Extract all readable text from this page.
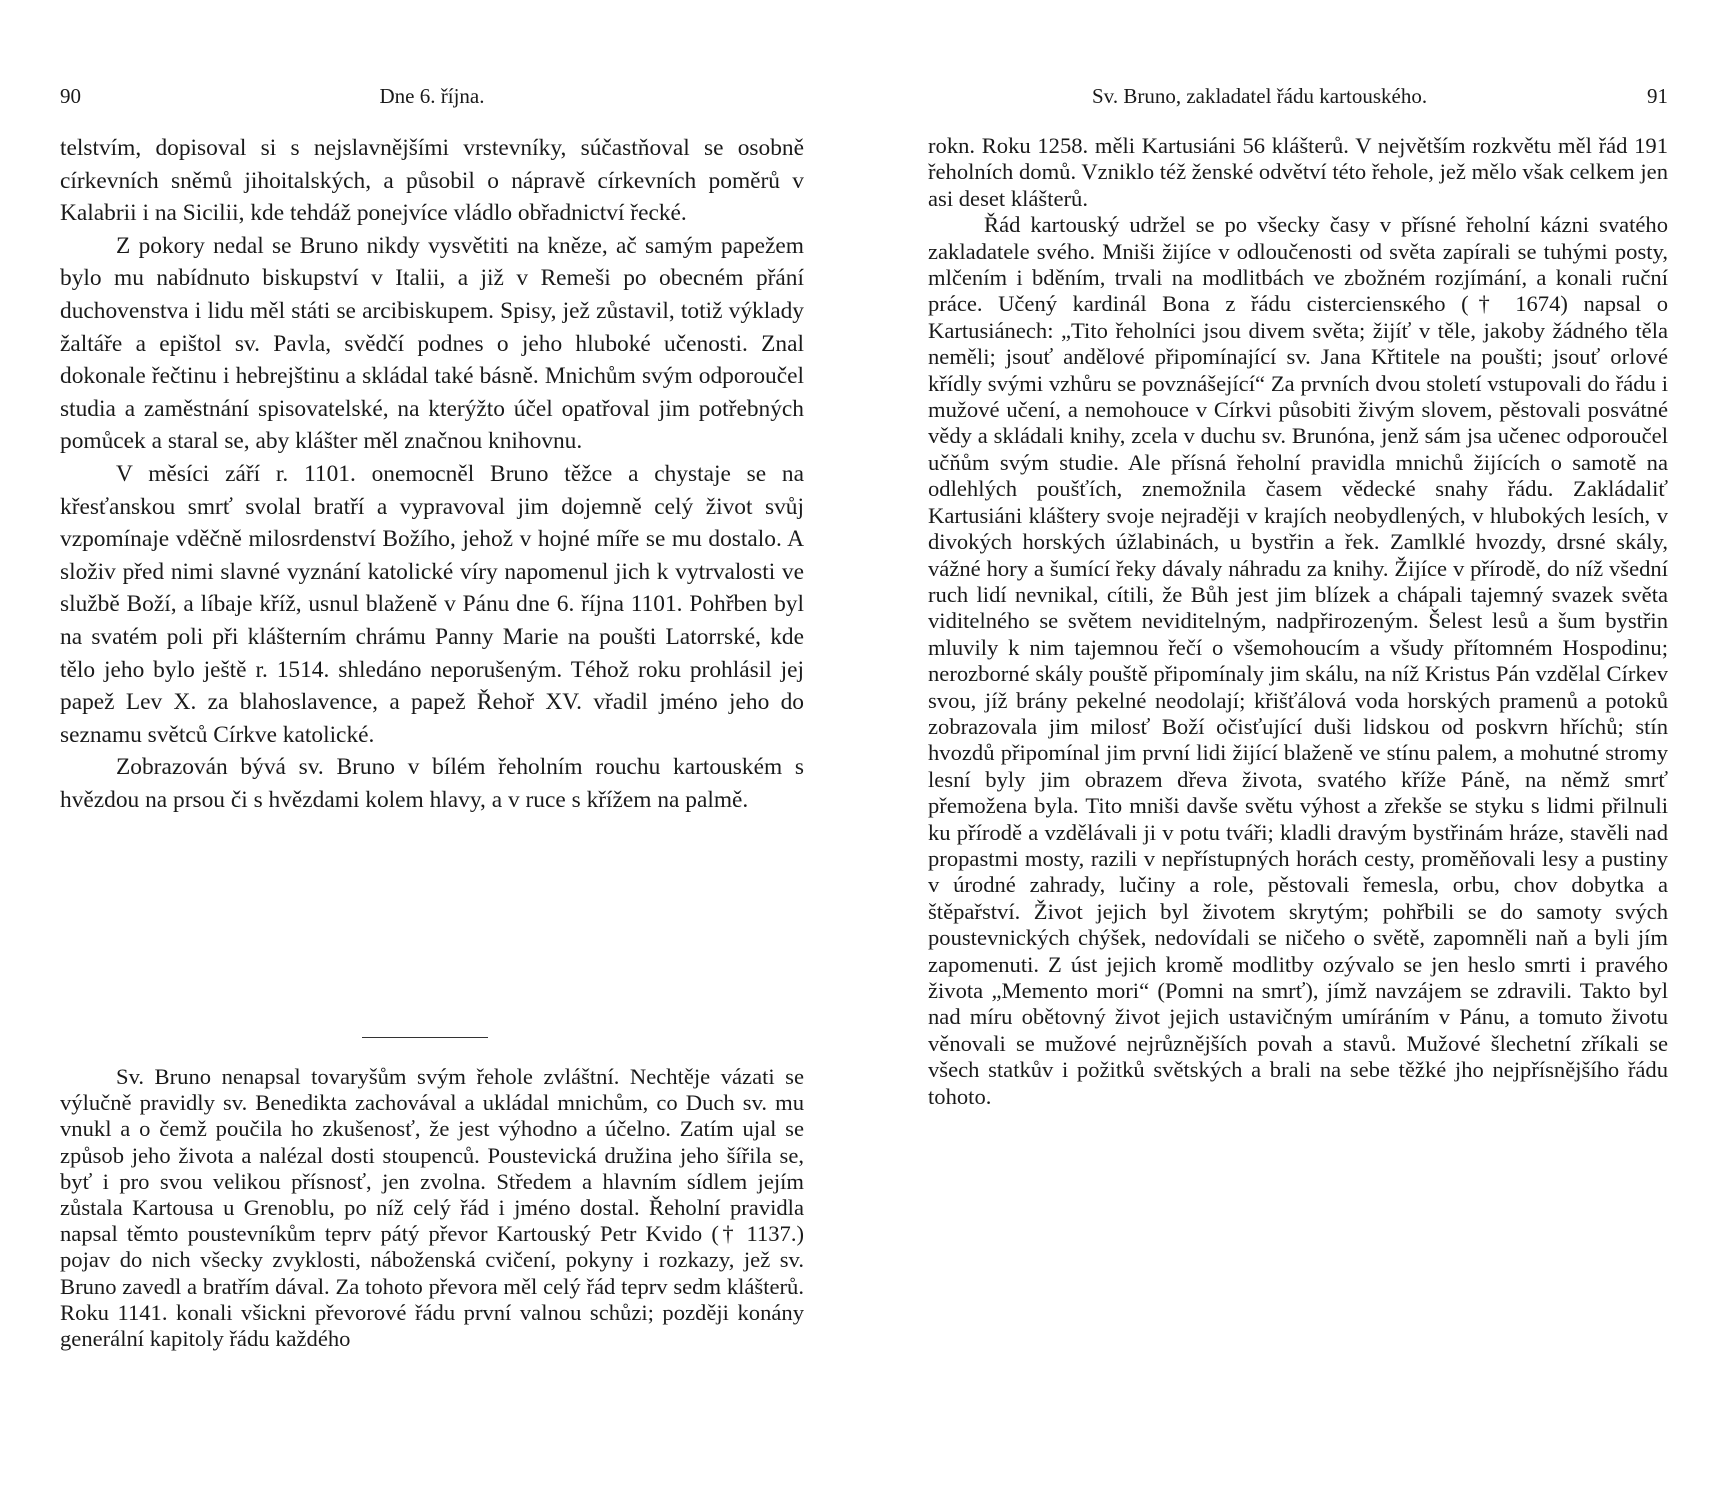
90	Dne 6. října.

telstvím, dopisoval si s nejslavnějšími vrstevníky, súčastňoval se osobně církevních sněmů jihoitalských, a působil o nápravě církevních poměrů v Kalabrii i na Sicilii, kde tehdáž ponejvíce vládlo obřadnictví řecké.

Z pokory nedal se Bruno nikdy vysvětiti na kněze, ač samým papežem bylo mu nabídnuto biskupství v Italii, a již v Remeši po obecném přání duchovenstva i lidu měl státi se arcibiskupem. Spisy, jež zůstavil, totiž výklady žaltáře a epištol sv. Pavla, svědčí podnes o jeho hluboké učenosti. Znal dokonale řečtinu i hebrejštinu a skládal také básně. Mnichům svým odporoučel studia a zaměstnání spisovatelské, na kterýžto účel opatřoval jim potřebných pomůcek a staral se, aby klášter měl značnou knihovnu.

V měsíci září r. 1101. onemocněl Bruno těžce a chystaje se na křesťanskou smrť svolal bratří a vypravoval jim dojemně celý život svůj vzpomínaje vděčně milosrdenství Božího, jehož v hojné míře se mu dostalo. A složiv před nimi slavné vyznání katolické víry napomenul jich k vytrvalosti ve službě Boží, a líbaje kříž, usnul blaženě v Pánu dne 6. října 1101. Pohřben byl na svatém poli při klášterním chrámu Panny Marie na poušti Latorrské, kde tělo jeho bylo ještě r. 1514. shledáno neporušeným. Téhož roku prohlásil jej papež Lev X. za blahoslavence, a papež Řehoř XV. vřadil jméno jeho do seznamu světců Církve katolické.

Zobrazován bývá sv. Bruno v bílém řeholním rouchu kartouském s hvězdou na prsou či s hvězdami kolem hlavy, a v ruce s křížem na palmě.

Sv. Bruno nenapsal tovaryšům svým řehole zvláštní. Nechtěje vázati se výlučně pravidly sv. Benedikta zachovával a ukládal mnichům, co Duch sv. mu vnukl a o čemž poučila ho zkušenosť, že jest výhodno a účelno. Zatím ujal se způsob jeho života a nalézal dosti stoupenců. Poustevická družina jeho šířila se, byť i pro svou velikou přísnosť, jen zvolna. Středem a hlavním sídlem jejím zůstala Kartousa u Grenoblu, po níž celý řád i jméno dostal. Řeholní pravidla napsal těmto poustevníkům teprv pátý převor Kartouský Petr Kvido († 1137.) pojav do nich všecky zvyklosti, náboženská cvičení, pokyny i rozkazy, jež sv. Bruno zavedl a bratřím dával. Za tohoto převora měl celý řád teprv sedm klášterů. Roku 1141. konali všickni převorové řádu první valnou schůzi; později konány generální kapitoly řádu každého

Sv. Bruno, zakladatel řádu kartouského.	91

rokn. Roku 1258. měli Kartusiáni 56 klášterů. V největším rozkvětu měl řád 191 řeholních domů. Vzniklo též ženské odvětví této řehole, jež mělo však celkem jen asi deset klášterů.

Řád kartouský udržel se po všecky časy v přísné řeholní kázni svatého zakladatele svého. Mniši žijíce v odloučenosti od světa zapírali se tuhými posty, mlčením i bděním, trvali na modlitbách ve zbožném rozjímání, a konali ruční práce. Učený kardinál Bona z řádu cisterciensкého († 1674) napsal o Kartusiánech: „Tito řeholníci jsou divem světa; žijíť v těle, jakoby žádného těla neměli; jsouť andělové připomínající sv. Jana Křtitele na poušti; jsouť orlové křídly svými vzhůru se povznášející“ Za prvních dvou století vstupovali do řádu i mužové učení, a nemohouce v Církvi působiti živým slovem, pěstovali posvátné vědy a skládali knihy, zcela v duchu sv. Brunóna, jenž sám jsa učenec odporoučel učňům svým studie. Ale přísná řeholní pravidla mnichů žijících o samotě na odlehlých poušťích, znemožnila časem vědecké snahy řádu. Zakládaliť Kartusiáni kláštery svoje nejraději v krajích neobydlených, v hlubokých lesích, v divokých horských úžlabinách, u bystřin a řek. Zamlklé hvozdy, drsné skály, vážné hory a šumící řeky dávaly náhradu za knihy. Žijíce v přírodě, do níž všední ruch lidí nevnikal, cítili, že Bůh jest jim blízek a chápali tajemný svazek světa viditelného se světem neviditelným, nadpřirozeným. Šelest lesů a šum bystřin mluvily k nim tajemnou řečí o všemohoucím a všudy přítomném Hospodinu; nerozborné skály pouště připomínaly jim skálu, na níž Kristus Pán vzdělal Církev svou, jíž brány pekelné neodolají; křišťálová voda horských pramenů a potoků zobrazovala jim milosť Boží očisťující duši lidskou od poskvrn hříchů; stín hvozdů připomínal jim první lidi žijící blaženě ve stínu palem, a mohutné stromy lesní byly jim obrazem dřeva života, svatého kříže Páně, na němž smrť přemožena byla. Tito mniši davše světu výhost a zřekše se styku s lidmi přilnuli ku přírodě a vzdělávali ji v potu tváři; kladli dravým bystřinám hráze, stavěli nad propastmi mosty, razili v nepřístupných horách cesty, proměňovali lesy a pustiny v úrodné zahrady, lučiny a role, pěstovali řemesla, orbu, chov dobytka a štěpařství. Život jejich byl životem skrytým; pohřbili se do samoty svých poustevnických chýšek, nedovídali se ničeho o světě, zapomněli naň a byli jím zapomenuti. Z úst jejich kromě modlitby ozývalo se jen heslo smrti i pravého života „Memento mori“ (Pomni na smrť), jímž navzájem se zdravili. Takto byl nad míru obětovný život jejich ustavičným umíráním v Pánu, a tomuto životu věnovali se mužové nejrůznějších povah a stavů. Mužové šlechetní zříkali se všech statkův i požitků světských a brali na sebe těžké jho nejpřísnějšího řádu tohoto.
